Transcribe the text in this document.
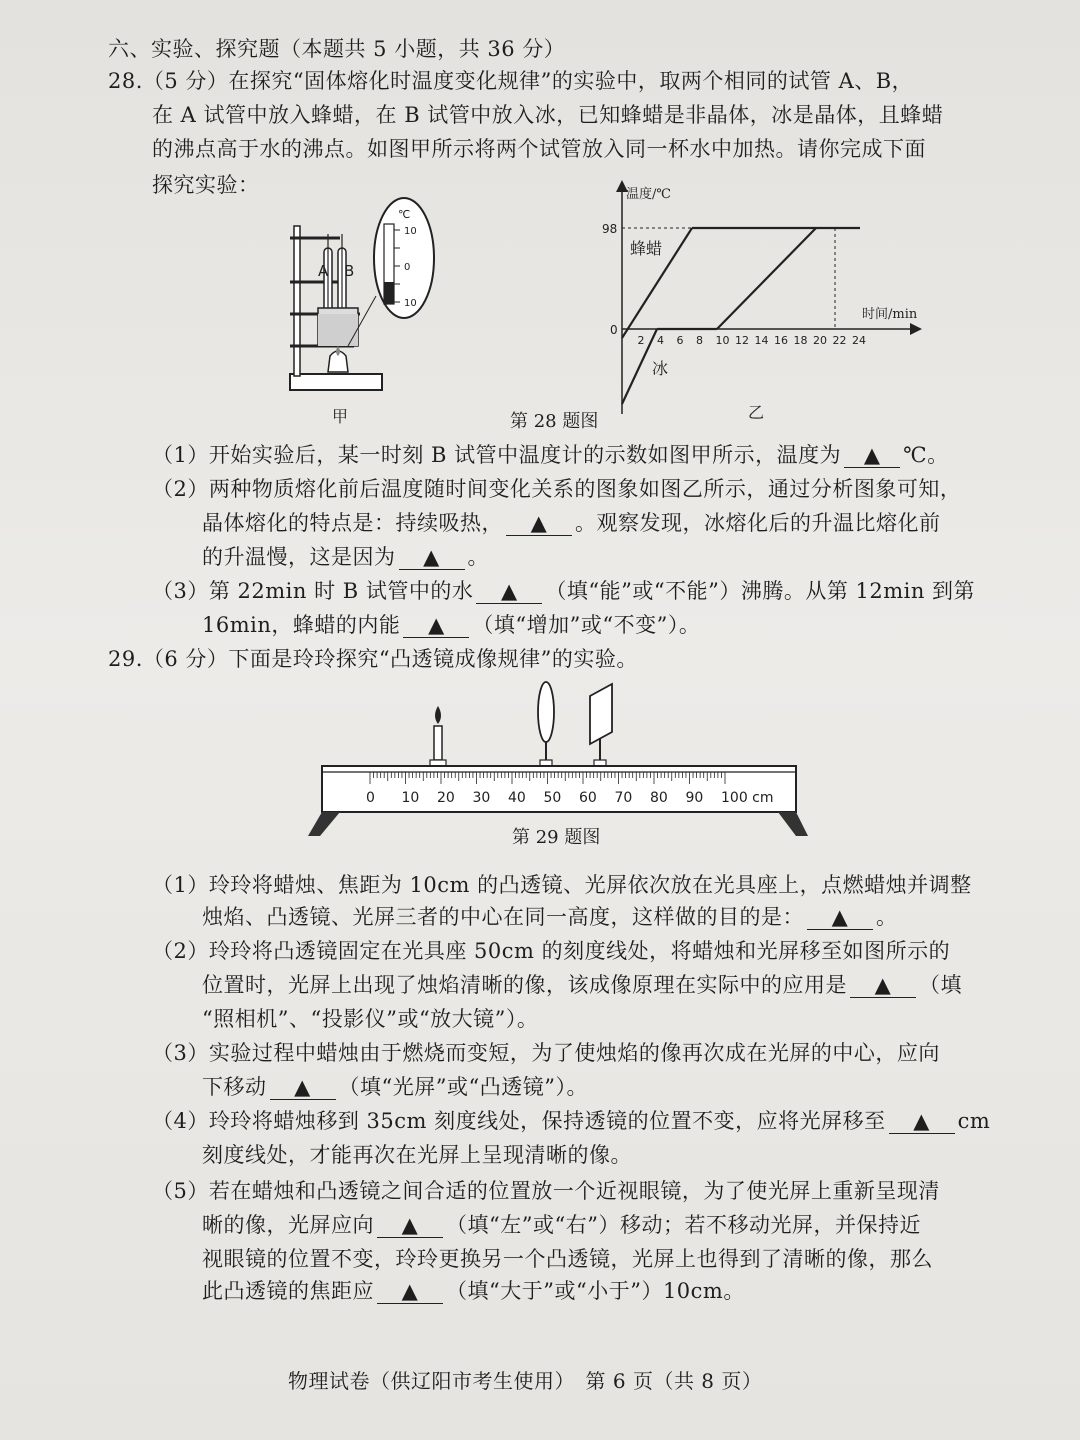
六、实验、探究题（本题共 5 小题，共 36 分）
28.（5 分）在探究“固体熔化时温度变化规律”的实验中，取两个相同的试管 A、B，
在 A 试管中放入蜂蜡，在 B 试管中放入冰，已知蜂蜡是非晶体，冰是晶体，且蜂蜡
的沸点高于水的沸点。如图甲所示将两个试管放入同一杯水中加热。请你完成下面
探究实验：
A B
℃
10
0
10
甲	第 28 题图
温度/℃
时间/min
98
0
蜂蜡
冰
2 4 6 8 10 12 14 16 18 20 22 24
乙
（1）开始实验后，某一时刻 B 试管中温度计的示数如图甲所示，温度为 ▲ ℃。
（2）两种物质熔化前后温度随时间变化关系的图象如图乙所示，通过分析图象可知，
晶体熔化的特点是：持续吸热， ▲ 。观察发现，冰熔化后的升温比熔化前
的升温慢，这是因为 ▲ 。
（3）第 22min 时 B 试管中的水 ▲ （填“能”或“不能”）沸腾。从第 12min 到第
16min，蜂蜡的内能 ▲ （填“增加”或“不变”）。
29.（6 分）下面是玲玲探究“凸透镜成像规律”的实验。
0 10 20 30 40 50 60 70 80 90 100 cm
第 29 题图
（1）玲玲将蜡烛、焦距为 10cm 的凸透镜、光屏依次放在光具座上，点燃蜡烛并调整
烛焰、凸透镜、光屏三者的中心在同一高度，这样做的目的是： ▲ 。
（2）玲玲将凸透镜固定在光具座 50cm 的刻度线处，将蜡烛和光屏移至如图所示的
位置时，光屏上出现了烛焰清晰的像，该成像原理在实际中的应用是 ▲ （填
“照相机”、“投影仪”或“放大镜”）。
（3）实验过程中蜡烛由于燃烧而变短，为了使烛焰的像再次成在光屏的中心，应向
下移动 ▲ （填“光屏”或“凸透镜”）。
（4）玲玲将蜡烛移到 35cm 刻度线处，保持透镜的位置不变，应将光屏移至 ▲ cm
刻度线处，才能再次在光屏上呈现清晰的像。
（5）若在蜡烛和凸透镜之间合适的位置放一个近视眼镜，为了使光屏上重新呈现清
晰的像，光屏应向 ▲ （填“左”或“右”）移动；若不移动光屏，并保持近
视眼镜的位置不变，玲玲更换另一个凸透镜，光屏上也得到了清晰的像，那么
此凸透镜的焦距应 ▲ （填“大于”或“小于”）10cm。
物理试卷（供辽阳市考生使用）　第 6 页（共 8 页）
